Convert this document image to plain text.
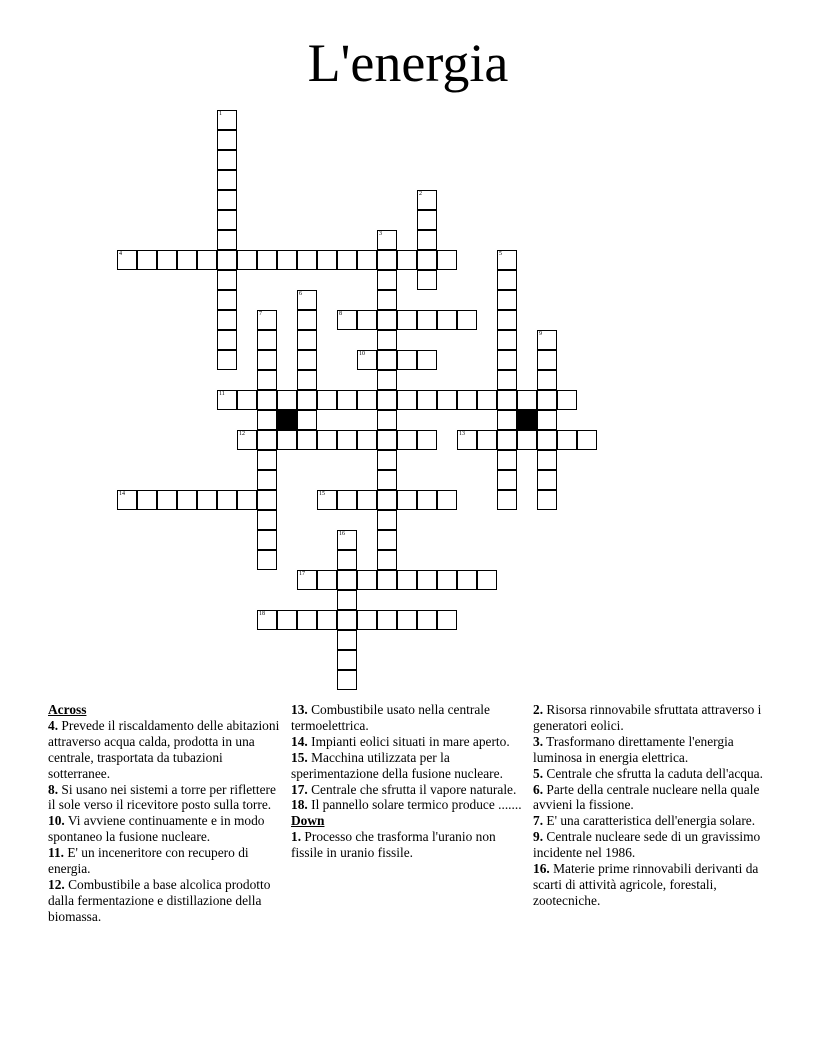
L'energia
1
2
3
4	5
6
7	8
9
10
11
12	13
14	15
16
17
18
Across
4. Prevede il riscaldamento delle abitazioni attraverso acqua calda, prodotta in una centrale, trasportata da tubazioni sotterranee.
8. Si usano nei sistemi a torre per riflettere il sole verso il ricevitore posto sulla torre.
10. Vi avviene continuamente e in modo spontaneo la fusione nucleare.
11. E' un inceneritore con recupero di energia.
12. Combustibile a base alcolica prodotto dalla fermentazione e distillazione della biomassa.
13. Combustibile usato nella centrale termoelettrica.
14. Impianti eolici situati in mare aperto.
15. Macchina utilizzata per la sperimentazione della fusione nucleare.
17. Centrale che sfrutta il vapore naturale.
18. Il pannello solare termico produce .......
Down
1. Processo che trasforma l'uranio non fissile in uranio fissile.
2. Risorsa rinnovabile sfruttata attraverso i generatori eolici.
3. Trasformano direttamente l'energia luminosa in energia elettrica.
5. Centrale che sfrutta la caduta dell'acqua.
6. Parte della centrale nucleare nella quale avvieni la fissione.
7. E' una caratteristica dell'energia solare.
9. Centrale nucleare sede di un gravissimo incidente nel 1986.
16. Materie prime rinnovabili derivanti da scarti di attività agricole, forestali, zootecniche.
